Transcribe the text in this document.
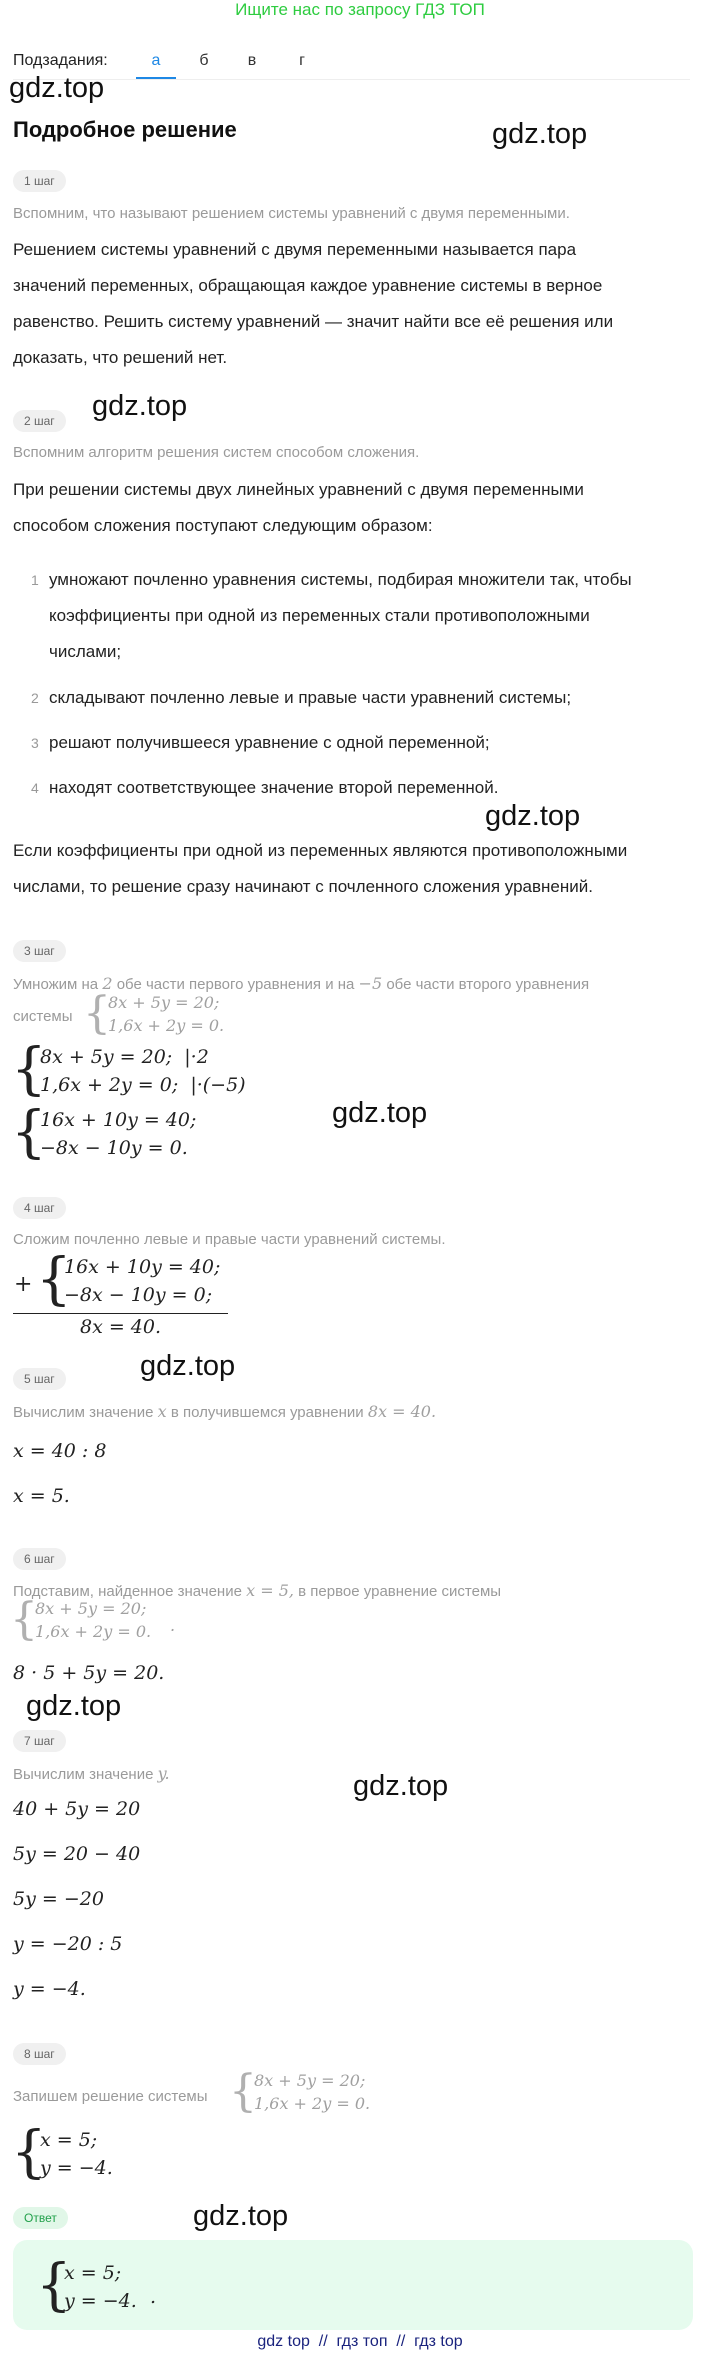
Ищите нас по запросу ГДЗ ТОП
Подзадания:	а	б	в	г
gdz.top
gdz.top
gdz.top
gdz.top
gdz.top
gdz.top
gdz.top
gdz.top
gdz.top
Подробное решение
1 шаг
Вспомним, что называют решением системы уравнений с двумя переменными.
Решением системы уравнений с двумя переменными называется пара
значений переменных, обращающая каждое уравнение системы в верное
равенство. Решить систему уравнений — значит найти все её решения или
доказать, что решений нет.
2 шаг
Вспомним алгоритм решения систем способом сложения.
При решении системы двух линейных уравнений с двумя переменными
способом сложения поступают следующим образом:
1 умножают почленно уравнения системы, подбирая множители так, чтобы
коэффициенты при одной из переменных стали противоположными
числами;
2 складывают почленно левые и правые части уравнений системы;
3 решают получившееся уравнение с одной переменной;
4 находят соответствующее значение второй переменной.
Если коэффициенты при одной из переменных являются противоположными
числами, то решение сразу начинают с почленного сложения уравнений.
3 шаг
Умножим на 2 обе части первого уравнения и на −5 обе части второго уравнения
системы {
8x + 5y = 20;
1,6x + 2y = 0.
{
8x + 5y = 20;  |·2
1,6x + 2y = 0;  |·(−5)
{
16x + 10y = 40;
−8x − 10y = 0.
4 шаг
Сложим почленно левые и правые части уравнений системы.
+ {
16x + 10y = 40;
−8x − 10y = 0;
8x = 40.
5 шаг
Вычислим значение x в получившемся уравнении 8x = 40.
x = 40 : 8
x = 5.
6 шаг
Подставим, найденное значение x = 5, в первое уравнение системы
{
8x + 5y = 20;
1,6x + 2y = 0. .
8 · 5 + 5y = 20.
7 шаг
Вычислим значение y.
40 + 5y = 20
5y = 20 − 40
5y = −20
y = −20 : 5
y = −4.
8 шаг
Запишем решение системы {
8x + 5y = 20;
1,6x + 2y = 0.
{
x = 5;
y = −4.
Ответ
{
x = 5;
y = −4. .
gdz top  //  гдз топ  //  гдз top
